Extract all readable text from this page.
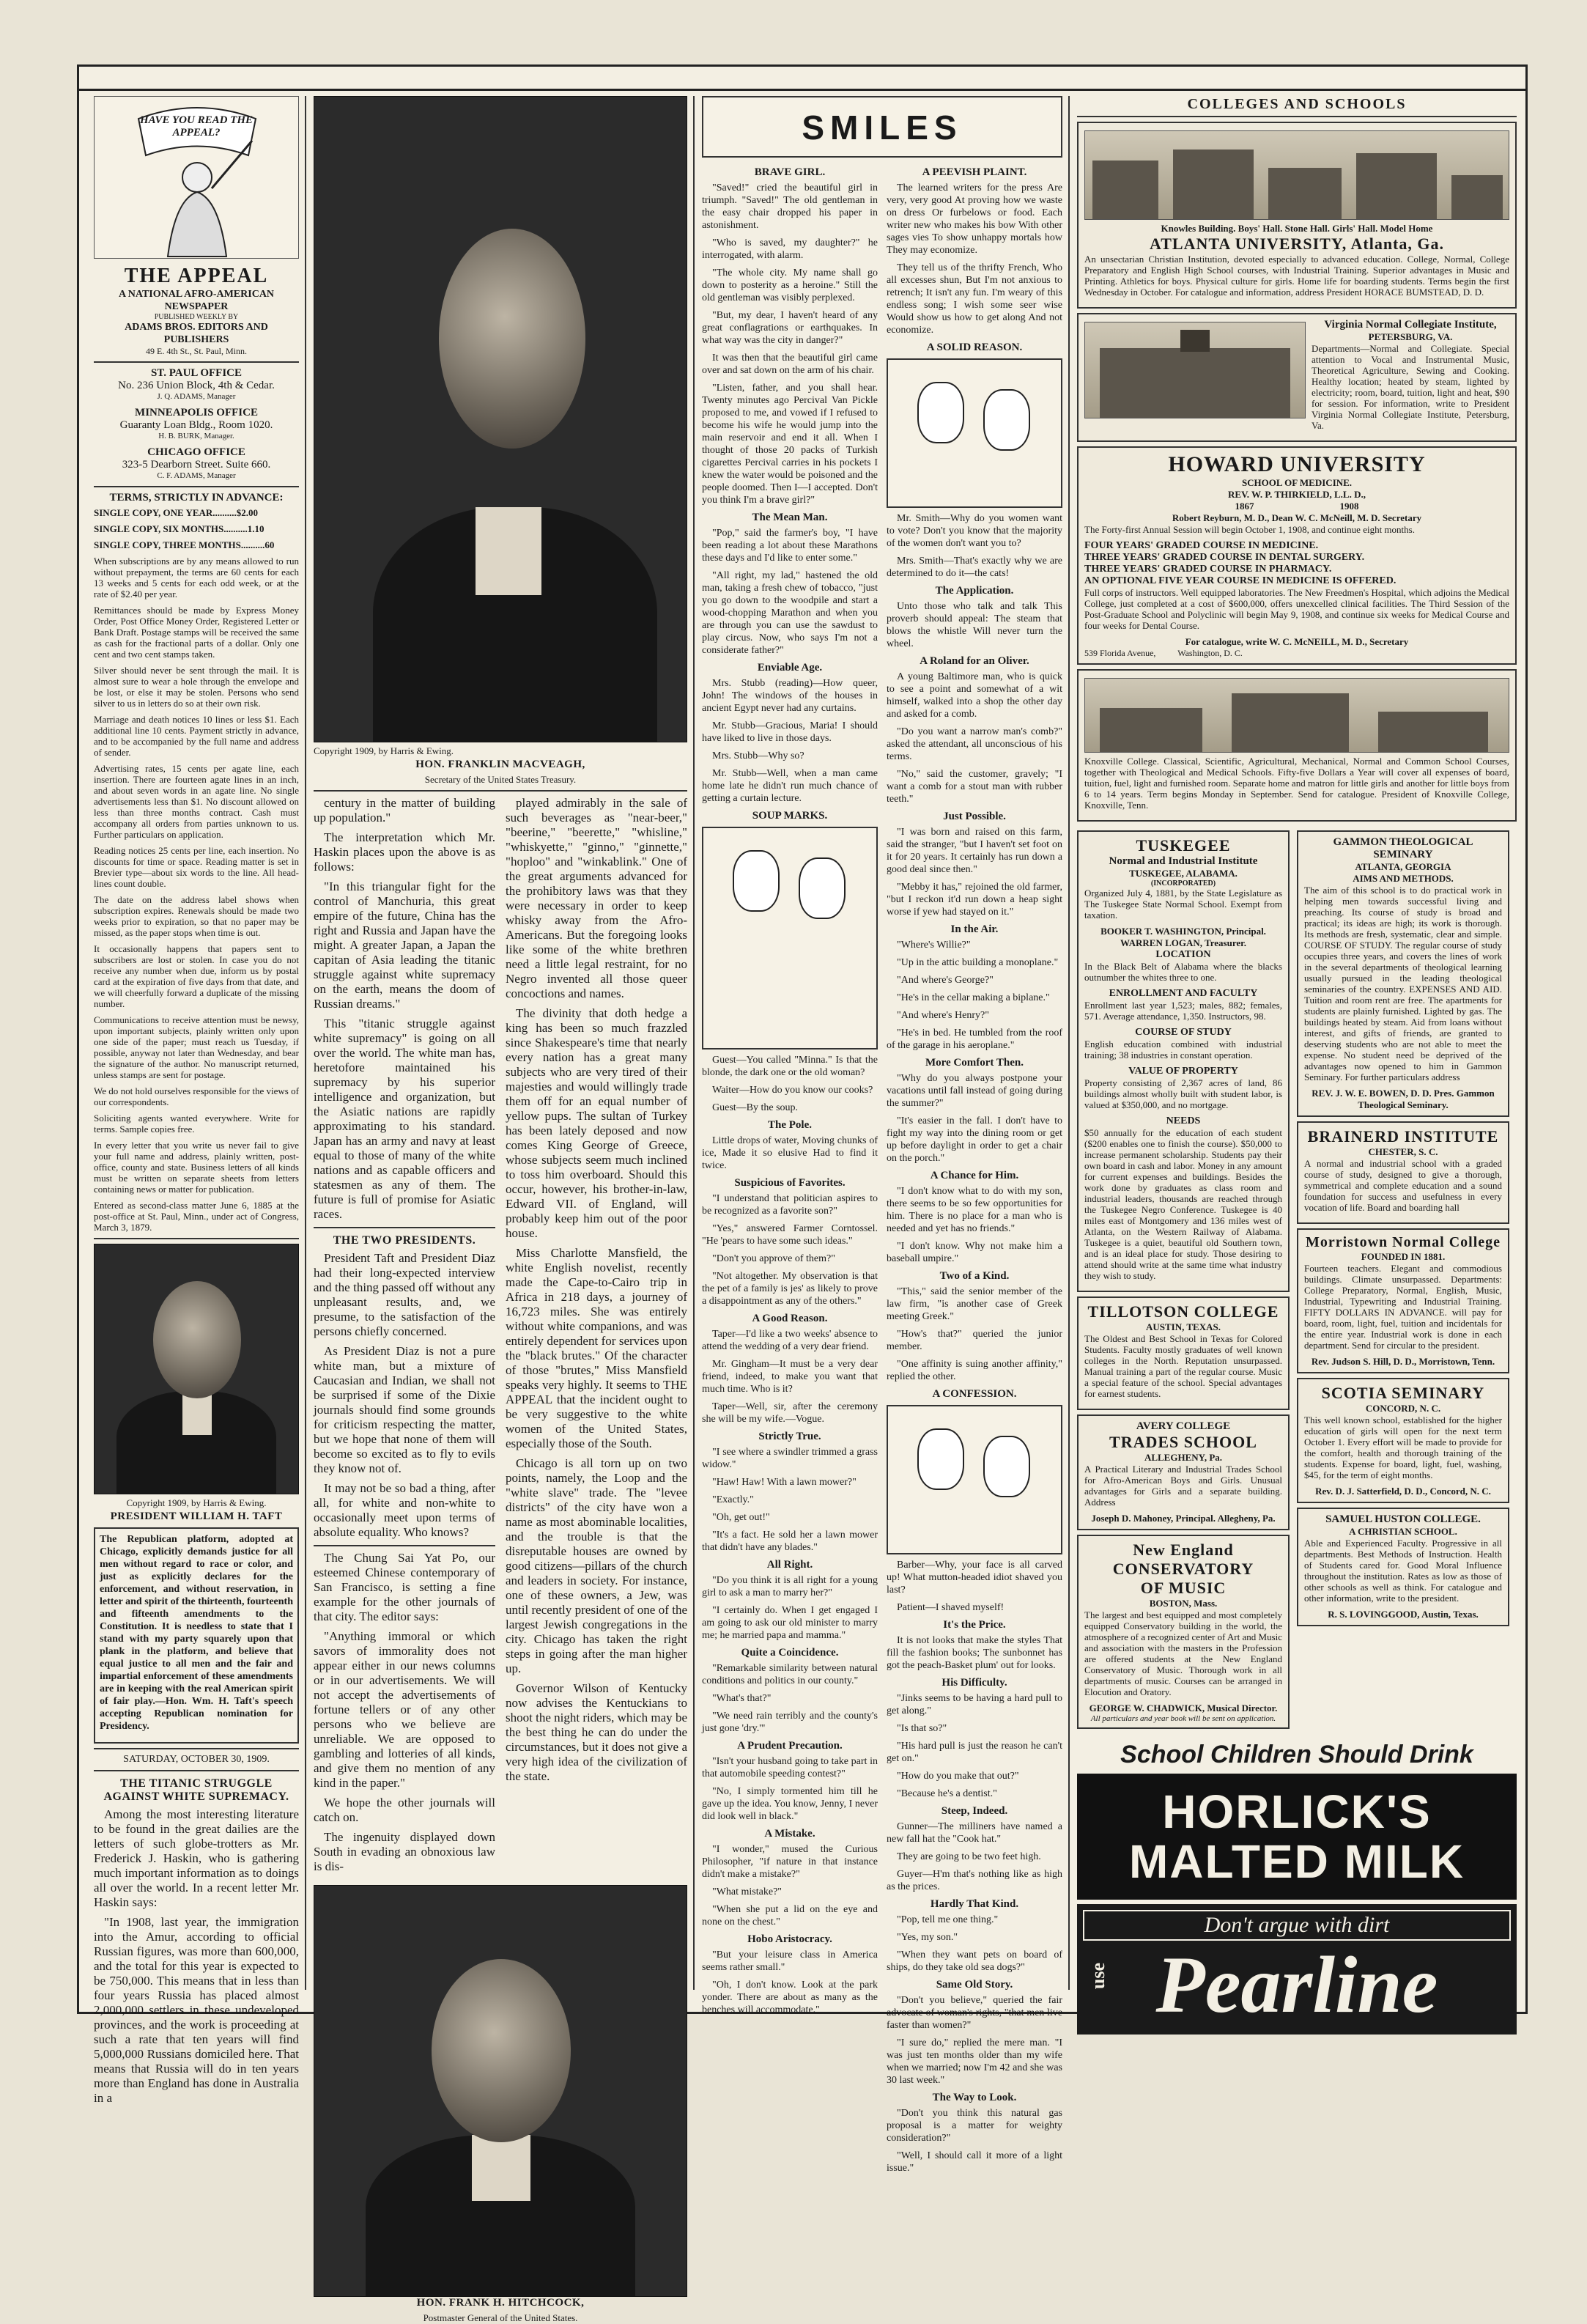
HAVE YOU READ THE APPEAL?
THE APPEAL
A NATIONAL AFRO-AMERICAN NEWSPAPER
PUBLISHED WEEKLY BY
ADAMS BROS. EDITORS AND PUBLISHERS
49 E. 4th St., St. Paul, Minn.
ST. PAUL OFFICE
No. 236 Union Block, 4th & Cedar.
J. Q. ADAMS, Manager
MINNEAPOLIS OFFICE
Guaranty Loan Bldg., Room 1020.
H. B. BURK, Manager.
CHICAGO OFFICE
323-5 Dearborn Street. Suite 660.
C. F. ADAMS, Manager
TERMS, STRICTLY IN ADVANCE:

SINGLE COPY, ONE YEAR..........$2.00

SINGLE COPY, SIX MONTHS..........1.10

SINGLE COPY, THREE MONTHS..........60

When subscriptions are by any means allowed to run without prepayment, the terms are 60 cents for each 13 weeks and 5 cents for each odd week, or at the rate of $2.40 per year.

Remittances should be made by Express Money Order, Post Office Money Order, Registered Letter or Bank Draft. Postage stamps will be received the same as cash for the fractional parts of a dollar. Only one cent and two cent stamps taken.

Silver should never be sent through the mail. It is almost sure to wear a hole through the envelope and be lost, or else it may be stolen. Persons who send silver to us in letters do so at their own risk.

Marriage and death notices 10 lines or less $1. Each additional line 10 cents. Payment strictly in advance, and to be accompanied by the full name and address of sender.

Advertising rates, 15 cents per agate line, each insertion. There are fourteen agate lines in an inch, and about seven words in an agate line. No single advertisements less than $1. No discount allowed on less than three months contract. Cash must accompany all orders from parties unknown to us. Further particulars on application.

Reading notices 25 cents per line, each insertion. No discounts for time or space. Reading matter is set in Brevier type—about six words to the line. All head-lines count double.

The date on the address label shows when subscription expires. Renewals should be made two weeks prior to expiration, so that no paper may be missed, as the paper stops when time is out.

It occasionally happens that papers sent to subscribers are lost or stolen. In case you do not receive any number when due, inform us by postal card at the expiration of five days from that date, and we will cheerfully forward a duplicate of the missing number.

Communications to receive attention must be newsy, upon important subjects, plainly written only upon one side of the paper; must reach us Tuesday, if possible, anyway not later than Wednesday, and bear the signature of the author. No manuscript returned, unless stamps are sent for postage.

We do not hold ourselves responsible for the views of our correspondents.

Soliciting agents wanted everywhere. Write for terms. Sample copies free.

In every letter that you write us never fail to give your full name and address, plainly written, post-office, county and state. Business letters of all kinds must be written on separate sheets from letters containing news or matter for publication.

Entered as second-class matter June 6, 1885 at the post-office at St. Paul, Minn., under act of Congress, March 3, 1879.

Copyright 1909, by Harris & Ewing.
PRESIDENT WILLIAM H. TAFT

The Republican platform, adopted at Chicago, explicitly demands justice for all men without regard to race or color, and just as explicitly declares for the enforcement, and without reservation, in letter and spirit of the thirteenth, fourteenth and fifteenth amendments to the Constitution. It is needless to state that I stand with my party squarely upon that plank in the platform, and believe that equal justice to all men and the fair and impartial enforcement of these amendments are in keeping with the real American spirit of fair play.—Hon. Wm. H. Taft's speech accepting Republican nomination for Presidency.

SATURDAY, OCTOBER 30, 1909.
THE TITANIC STRUGGLE AGAINST WHITE SUPREMACY.

Among the most interesting literature to be found in the great dailies are the letters of such globe-trotters as Mr. Frederick J. Haskin, who is gathering much important information as to doings all over the world. In a recent letter Mr. Haskin says:

"In 1908, last year, the immigration into the Amur, according to official Russian figures, was more than 600,000, and the total for this year is expected to be 750,000. This means that in less than four years Russia has placed almost 2,000,000 settlers in these undeveloped provinces, and the work is proceeding at such a rate that ten years will find 5,000,000 Russians domiciled here. That means that Russia will do in ten years more than England has done in Australia in a

Copyright 1909, by Harris & Ewing.
HON. FRANKLIN MACVEAGH,
Secretary of the United States Treasury.

century in the matter of building up population."

The interpretation which Mr. Haskin places upon the above is as follows:

"In this triangular fight for the control of Manchuria, this great empire of the future, China has the right and Russia and Japan have the might. A greater Japan, a Japan the capitan of Asia leading the titanic struggle against white supremacy on the earth, means the doom of Russian dreams."

This "titanic struggle against white supremacy" is going on all over the world. The white man has, heretofore maintained his supremacy by his superior intelligence and organization, but the Asiatic nations are rapidly approximating to his standard. Japan has an army and navy at least equal to those of many of the white nations and as capable officers and statesmen as any of them. The future is full of promise for Asiatic races.

THE TWO PRESIDENTS.

President Taft and President Diaz had their long-expected interview and the thing passed off without any unpleasant results, and, we presume, to the satisfaction of the persons chiefly concerned.

As President Diaz is not a pure white man, but a mixture of Caucasian and Indian, we shall not be surprised if some of the Dixie journals should find some grounds for criticism respecting the matter, but we hope that none of them will become so excited as to fly to evils they know not of.

It may not be so bad a thing, after all, for white and non-white to occasionally meet upon terms of absolute equality. Who knows?

The Chung Sai Yat Po, our esteemed Chinese contemporary of San Francisco, is setting a fine example for the other journals of that city. The editor says:

"Anything immoral or which savors of immorality does not appear either in our news columns or in our advertisements. We will not accept the advertisements of fortune tellers or of any other persons who we believe are unreliable. We are opposed to gambling and lotteries of all kinds, and give them no mention of any kind in the paper."

We hope the other journals will catch on.

The ingenuity displayed down South in evading an obnoxious law is dis-

played admirably in the sale of such beverages as "near-beer," "beerine," "beerette," "whisline," "whiskyette," "ginno," "ginnette," "hoploo" and "winkablink." One of the great arguments advanced for the prohibitory laws was that they were necessary in order to keep whisky away from the Afro-Americans. But the foregoing looks like some of the white brethren need a little legal restraint, for no Negro invented all those queer concoctions and names.

The divinity that doth hedge a king has been so much frazzled since Shakespeare's time that nearly every nation has a great many subjects who are very tired of their majesties and would willingly trade them off for an equal number of yellow pups. The sultan of Turkey has been lately deposed and now comes King George of Greece, whose subjects seem much inclined to toss him overboard. Should this occur, however, his brother-in-law, Edward VII. of England, will probably keep him out of the poor house.

Miss Charlotte Mansfield, the white English novelist, recently made the Cape-to-Cairo trip in Africa in 218 days, a journey of 16,723 miles. She was entirely without white companions, and was entirely dependent for services upon the "black brutes." Of the character of those "brutes," Miss Mansfield speaks very highly. It seems to THE APPEAL that the incident ought to be very suggestive to the white women of the United States, especially those of the South.

Chicago is all torn up on two points, namely, the Loop and the "white slave" trade. The "levee districts" of the city have won a name as most abominable localities, and the trouble is that the disreputable houses are owned by good citizens—pillars of the church and leaders in society. For instance, one of these owners, a Jew, was until recently president of one of the largest Jewish congregations in the city. Chicago has taken the right steps in going after the man higher up.

Governor Wilson of Kentucky now advises the Kentuckians to shoot the night riders, which may be the best thing he can do under the circumstances, but it does not give a very high idea of the civilization of the state.

HON. FRANK H. HITCHCOCK,
Postmaster General of the United States.
SMILES
BRAVE GIRL.

"Saved!" cried the beautiful girl in triumph. "Saved!" The old gentleman in the easy chair dropped his paper in astonishment.

"Who is saved, my daughter?" he interrogated, with alarm.

"The whole city. My name shall go down to posterity as a heroine." Still the old gentleman was visibly perplexed.

"But, my dear, I haven't heard of any great conflagrations or earthquakes. In what way was the city in danger?"

It was then that the beautiful girl came over and sat down on the arm of his chair.

"Listen, father, and you shall hear. Twenty minutes ago Percival Van Pickle proposed to me, and vowed if I refused to become his wife he would jump into the main reservoir and end it all. When I thought of those 20 packs of Turkish cigarettes Percival carries in his pockets I knew the water would be poisoned and the people doomed. Then I—I accepted. Don't you think I'm a brave girl?"

The Mean Man.

"Pop," said the farmer's boy, "I have been reading a lot about these Marathons these days and I'd like to enter some."

"All right, my lad," hastened the old man, taking a fresh chew of tobacco, "just you go down to the woodpile and start a wood-chopping Marathon and when you are through you can use the sawdust to play circus. Now, who says I'm not a considerate father?"

Enviable Age.

Mrs. Stubb (reading)—How queer, John! The windows of the houses in ancient Egypt never had any curtains.

Mr. Stubb—Gracious, Maria! I should have liked to live in those days.

Mrs. Stubb—Why so?

Mr. Stubb—Well, when a man came home late he didn't run much chance of getting a curtain lecture.

SOUP MARKS.

Guest—You called "Minna." Is that the blonde, the dark one or the old woman?

Waiter—How do you know our cooks?

Guest—By the soup.

The Pole.

Little drops of water, Moving chunks of ice, Made it so elusive Had to find it twice.

Suspicious of Favorites.

"I understand that politician aspires to be recognized as a favorite son?"

"Yes," answered Farmer Corntossel. "He 'pears to have some such ideas."

"Don't you approve of them?"

"Not altogether. My observation is that the pet of a family is jes' as likely to prove a disappointment as any of the others."

A Good Reason.

Taper—I'd like a two weeks' absence to attend the wedding of a very dear friend.

Mr. Gingham—It must be a very dear friend, indeed, to make you want that much time. Who is it?

Taper—Well, sir, after the ceremony she will be my wife.—Vogue.

Strictly True.

"I see where a swindler trimmed a grass widow."

"Haw! Haw! With a lawn mower?"

"Exactly."

"Oh, get out!"

"It's a fact. He sold her a lawn mower that didn't have any blades."

All Right.

"Do you think it is all right for a young girl to ask a man to marry her?"

"I certainly do. When I get engaged I am going to ask our old minister to marry me; he married papa and mamma."

Quite a Coincidence.

"Remarkable similarity between natural conditions and politics in our county."

"What's that?"

"We need rain terribly and the county's just gone 'dry.'"

A Prudent Precaution.

"Isn't your husband going to take part in that automobile speeding contest?"

"No, I simply tormented him till he gave up the idea. You know, Jenny, I never did look well in black."

A Mistake.

"I wonder," mused the Curious Philosopher, "if nature in that instance didn't make a mistake?"

"What mistake?"

"When she put a lid on the eye and none on the chest."

Hobo Aristocracy.

"But your leisure class in America seems rather small."

"Oh, I don't know. Look at the park yonder. There are about as many as the benches will accommodate."

A PEEVISH PLAINT.

The learned writers for the press Are very, very good At proving how we waste on dress Or furbelows or food. Each writer new who makes his bow With other sages vies To show unhappy mortals how They may economize.

They tell us of the thrifty French, Who all excesses shun, But I'm not anxious to retrench; It isn't any fun. I'm weary of this endless song; I wish some seer wise Would show us how to get along And not economize.

A SOLID REASON.

Mr. Smith—Why do you women want to vote? Don't you know that the majority of the women don't want you to?

Mrs. Smith—That's exactly why we are determined to do it—the cats!

The Application.

Unto those who talk and talk This proverb should appeal: The steam that blows the whistle Will never turn the wheel.

A Roland for an Oliver.

A young Baltimore man, who is quick to see a point and somewhat of a wit himself, walked into a shop the other day and asked for a comb.

"Do you want a narrow man's comb?" asked the attendant, all unconscious of his terms.

"No," said the customer, gravely; "I want a comb for a stout man with rubber teeth."

Just Possible.

"I was born and raised on this farm, said the stranger, "but I haven't set foot on it for 20 years. It certainly has run down a good deal since then."

"Mebby it has," rejoined the old farmer, "but I reckon it'd run down a heap sight worse if yew had stayed on it."

In the Air.

"Where's Willie?"

"Up in the attic building a monoplane."

"And where's George?"

"He's in the cellar making a biplane."

"And where's Henry?"

"He's in bed. He tumbled from the roof of the garage in his aeroplane."

More Comfort Then.

"Why do you always postpone your vacations until fall instead of going during the summer?"

"It's easier in the fall. I don't have to fight my way into the dining room or get up before daylight in order to get a chair on the porch."

A Chance for Him.

"I don't know what to do with my son, there seems to be so few opportunities for him. There is no place for a man who is needed and yet has no friends."

"I don't know. Why not make him a baseball umpire."

Two of a Kind.

"This," said the senior member of the law firm, "is another case of Greek meeting Greek."

"How's that?" queried the junior member.

"One affinity is suing another affinity," replied the other.

A CONFESSION.

Barber—Why, your face is all carved up! What mutton-headed idiot shaved you last?

Patient—I shaved myself!

It's the Price.

It is not looks that make the styles That fill the fashion books; The sunbonnet has got the peach-Basket plum' out for looks.

His Difficulty.

"Jinks seems to be having a hard pull to get along."

"Is that so?"

"His hard pull is just the reason he can't get on."

"How do you make that out?"

"Because he's a dentist."

Steep, Indeed.

Gunner—The milliners have named a new fall hat the "Cook hat."

They are going to be two feet high.

Guyer—H'm that's nothing like as high as the prices.

Hardly That Kind.

"Pop, tell me one thing."

"Yes, my son."

"When they want pets on board of ships, do they take old sea dogs?"

Same Old Story.

"Don't you believe," queried the fair advocate of woman's rights, "that men live faster than women?"

"I sure do," replied the mere man. "I was just ten months older than my wife when we married; now I'm 42 and she was 30 last week."

The Way to Look.

"Don't you think this natural gas proposal is a matter for weighty consideration?"

"Well, I should call it more of a light issue."

COLLEGES AND SCHOOLS
Knowles Building. Boys' Hall. Stone Hall. Girls' Hall. Model Home
ATLANTA UNIVERSITY, Atlanta, Ga.

An unsectarian Christian Institution, devoted especially to advanced education. College, Normal, College Preparatory and English High School courses, with Industrial Training. Superior advantages in Music and Printing. Athletics for boys. Physical culture for girls. Home life for boarding students. Terms begin the first Wednesday in October. For catalogue and information, address President HORACE BUMSTEAD, D. D.

Virginia Normal Collegiate Institute,
PETERSBURG, VA.

Departments—Normal and Collegiate. Special attention to Vocal and Instrumental Music, Theoretical Agriculture, Sewing and Cooking. Healthy location; heated by steam, lighted by electricity; room, board, tuition, light and heat, $90 for session. For information, write to President Virginia Normal Collegiate Institute, Petersburg, Va.

HOWARD UNIVERSITY
SCHOOL OF MEDICINE.
REV. W. P. THIRKIELD, L.L. D.,
1867                                    1908
Robert Reyburn, M. D., Dean W. C. McNeill, M. D. Secretary

The Forty-first Annual Session will begin October 1, 1908, and continue eight months.

FOUR YEARS' GRADED COURSE IN MEDICINE.
THREE YEARS' GRADED COURSE IN DENTAL SURGERY.
THREE YEARS' GRADED COURSE IN PHARMACY.
AN OPTIONAL FIVE YEAR COURSE IN MEDICINE IS OFFERED.

Full corps of instructors. Well equipped laboratories. The New Freedmen's Hospital, which adjoins the Medical College, just completed at a cost of $600,000, offers unexcelled clinical facilities. The Third Session of the Post-Graduate School and Polyclinic will begin May 9, 1908, and continue six weeks for Medical Course and four weeks for Dental Course.

For catalogue, write W. C. McNEILL, M. D., Secretary
539 Florida Avenue,          Washington, D. C.

Knoxville College. Classical, Scientific, Agricultural, Mechanical, Normal and Common School Courses, together with Theological and Medical Schools. Fifty-five Dollars a Year will cover all expenses of board, tuition, fuel, light and furnished room. Separate home and matron for little girls and another for little boys from 6 to 14 years. Term begins Monday in September. Send for catalogue. President of Knoxville College, Knoxville, Tenn.

TUSKEGEE
Normal and Industrial Institute
TUSKEGEE, ALABAMA.
(INCORPORATED)

Organized July 4, 1881, by the State Legislature as The Tuskegee State Normal School. Exempt from taxation.

BOOKER T. WASHINGTON, Principal. WARREN LOGAN, Treasurer.
LOCATION

In the Black Belt of Alabama where the blacks outnumber the whites three to one.

ENROLLMENT AND FACULTY

Enrollment last year 1,523; males, 882; females, 571. Average attendance, 1,350. Instructors, 98.

COURSE OF STUDY

English education combined with industrial training; 38 industries in constant operation.

VALUE OF PROPERTY

Property consisting of 2,367 acres of land, 86 buildings almost wholly built with student labor, is valued at $350,000, and no mortgage.

NEEDS

$50 annually for the education of each student ($200 enables one to finish the course). $50,000 to increase permanent scholarship. Students pay their own board in cash and labor. Money in any amount for current expenses and buildings. Besides the work done by graduates as class room and industrial leaders, thousands are reached through the Tuskegee Negro Conference. Tuskegee is 40 miles east of Montgomery and 136 miles west of Atlanta, on the Western Railway of Alabama. Tuskegee is a quiet, beautiful old Southern town, and is an ideal place for study. Those desiring to attend should write at the same time what industry they wish to study.

TILLOTSON COLLEGE
AUSTIN, TEXAS.

The Oldest and Best School in Texas for Colored Students. Faculty mostly graduates of well known colleges in the North. Reputation unsurpassed. Manual training a part of the regular course. Music a special feature of the school. Special advantages for earnest students.

AVERY COLLEGE
TRADES SCHOOL
ALLEGHENY, Pa.

A Practical Literary and Industrial Trades School for Afro-American Boys and Girls. Unusual advantages for Girls and a separate building. Address

Joseph D. Mahoney, Principal. Allegheny, Pa.
New England
CONSERVATORY
OF MUSIC
BOSTON, Mass.

The largest and best equipped and most completely equipped Conservatory building in the world, the atmosphere of a recognized center of Art and Music and association with the masters in the Profession are offered students at the New England Conservatory of Music. Thorough work in all departments of music. Courses can be arranged in Elocution and Oratory.

GEORGE W. CHADWICK, Musical Director.
All particulars and year book will be sent on application.
GAMMON THEOLOGICAL SEMINARY
ATLANTA, GEORGIA
AIMS AND METHODS.

The aim of this school is to do practical work in helping men towards successful living and preaching. Its course of study is broad and practical; its ideas are high; its work is thorough. Its methods are fresh, systematic, clear and simple. COURSE OF STUDY. The regular course of study occupies three years, and covers the lines of work in the several departments of theological learning usually pursued in the leading theological seminaries of the country. EXPENSES AND AID. Tuition and room rent are free. The apartments for students are plainly furnished. Lighted by gas. The buildings heated by steam. Aid from loans without interest, and gifts of friends, are granted to deserving students who are not able to meet the expense. No student need be deprived of the advantages now opened to him in Gammon Seminary. For further particulars address

REV. J. W. E. BOWEN, D. D. Pres. Gammon Theological Seminary.
BRAINERD INSTITUTE
CHESTER, S. C.

A normal and industrial school with a graded course of study, designed to give a thorough, symmetrical and complete education and a sound foundation for success and usefulness in every vocation of life. Board and boarding hall

Morristown Normal College
FOUNDED IN 1881.

Fourteen teachers. Elegant and commodious buildings. Climate unsurpassed. Departments: College Preparatory, Normal, English, Music, Industrial, Typewriting and Industrial Training. FIFTY DOLLARS IN ADVANCE. will pay for board, room, light, fuel, tuition and incidentals for the entire year. Industrial work is done in each department. Send for circular to the president.

Rev. Judson S. Hill, D. D., Morristown, Tenn.
SCOTIA SEMINARY
CONCORD, N. C.

This well known school, established for the higher education of girls will open for the next term October 1. Every effort will be made to provide for the comfort, health and thorough training of the students. Expense for board, light, fuel, washing, $45, for the term of eight months.

Rev. D. J. Satterfield, D. D., Concord, N. C.
SAMUEL HUSTON COLLEGE.
A CHRISTIAN SCHOOL.

Able and Experienced Faculty. Progressive in all departments. Best Methods of Instruction. Health of Students cared for. Good Moral Influence throughout the institution. Rates as low as those of other schools as well as think. For catalogue and other information, write to the president.

R. S. LOVINGGOOD, Austin, Texas.
School Children Should Drink
HORLICK'S
MALTED MILK
Don't argue with dirt
use Pearline
